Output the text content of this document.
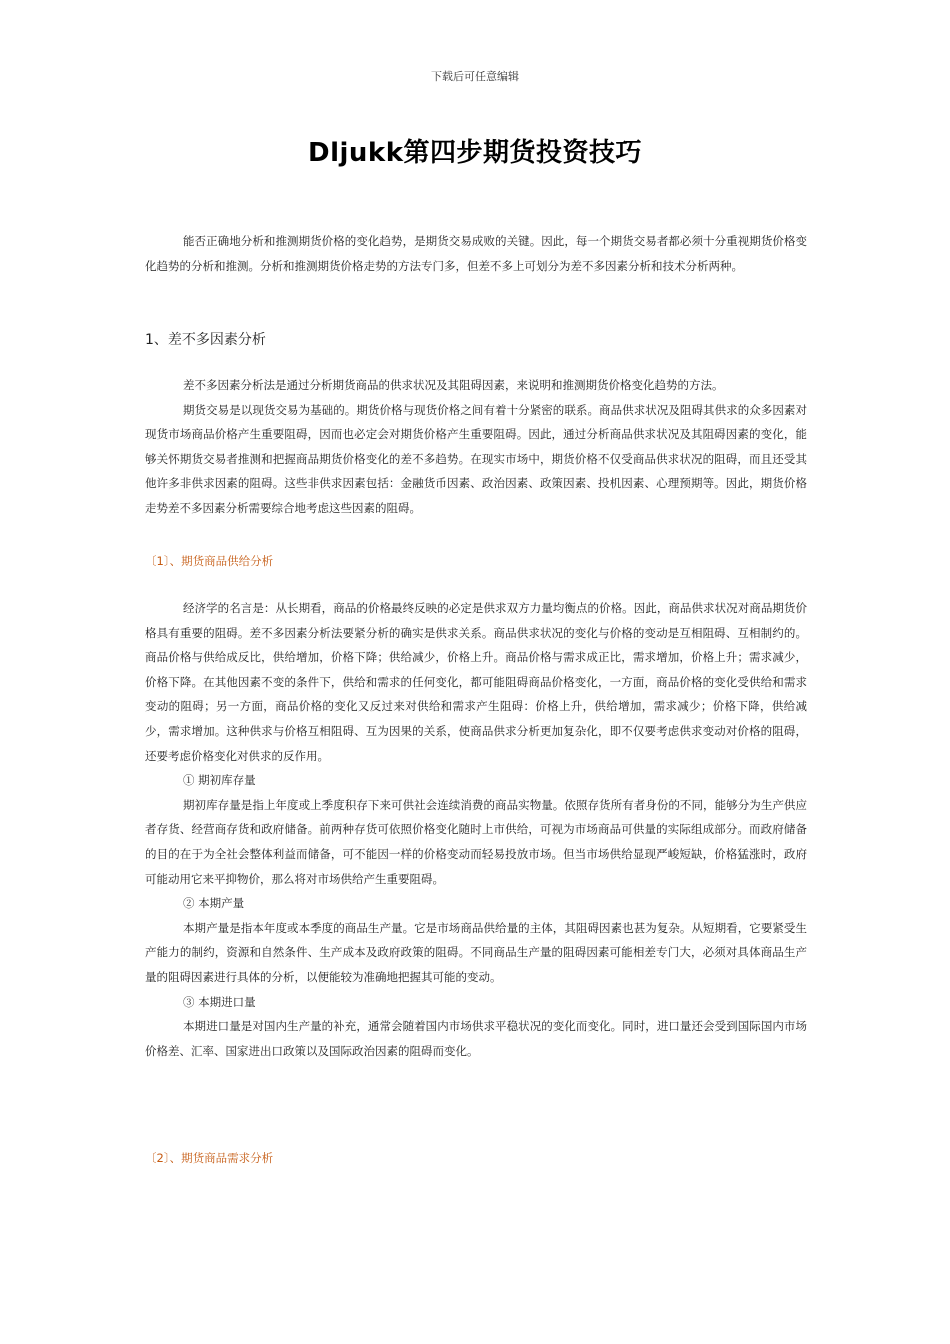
下载后可任意编辑
Dljukk第四步期货投资技巧

能否正确地分析和推测期货价格的变化趋势，是期货交易成败的关键。因此，每一个期货交易者都必须十分重视期货价格变化趋势的分析和推测。分析和推测期货价格走势的方法专门多，但差不多上可划分为差不多因素分析和技术分析两种。

1、差不多因素分析

差不多因素分析法是通过分析期货商品的供求状况及其阻碍因素，来说明和推测期货价格变化趋势的方法。

期货交易是以现货交易为基础的。期货价格与现货价格之间有着十分紧密的联系。商品供求状况及阻碍其供求的众多因素对现货市场商品价格产生重要阻碍，因而也必定会对期货价格产生重要阻碍。因此，通过分析商品供求状况及其阻碍因素的变化，能够关怀期货交易者推测和把握商品期货价格变化的差不多趋势。在现实市场中，期货价格不仅受商品供求状况的阻碍，而且还受其他许多非供求因素的阻碍。这些非供求因素包括：金融货币因素、政治因素、政策因素、投机因素、心理预期等。因此，期货价格走势差不多因素分析需要综合地考虑这些因素的阻碍。

〔1〕、期货商品供给分析

经济学的名言是：从长期看，商品的价格最终反映的必定是供求双方力量均衡点的价格。因此，商品供求状况对商品期货价格具有重要的阻碍。差不多因素分析法要紧分析的确实是供求关系。商品供求状况的变化与价格的变动是互相阻碍、互相制约的。商品价格与供给成反比，供给增加，价格下降；供给减少，价格上升。商品价格与需求成正比，需求增加，价格上升；需求减少，价格下降。在其他因素不变的条件下，供给和需求的任何变化，都可能阻碍商品价格变化，一方面，商品价格的变化受供给和需求变动的阻碍；另一方面，商品价格的变化又反过来对供给和需求产生阻碍：价格上升，供给增加，需求减少；价格下降，供给减少，需求增加。这种供求与价格互相阻碍、互为因果的关系，使商品供求分析更加复杂化，即不仅要考虑供求变动对价格的阻碍，还要考虑价格变化对供求的反作用。

① 期初库存量

期初库存量是指上年度或上季度积存下来可供社会连续消费的商品实物量。依照存货所有者身份的不同，能够分为生产供应者存货、经营商存货和政府储备。前两种存货可依照价格变化随时上市供给，可视为市场商品可供量的实际组成部分。而政府储备的目的在于为全社会整体利益而储备，可不能因一样的价格变动而轻易投放市场。但当市场供给显现严峻短缺，价格猛涨时，政府可能动用它来平抑物价，那么将对市场供给产生重要阻碍。

② 本期产量

本期产量是指本年度或本季度的商品生产量。它是市场商品供给量的主体，其阻碍因素也甚为复杂。从短期看，它要紧受生产能力的制约，资源和自然条件、生产成本及政府政策的阻碍。不同商品生产量的阻碍因素可能相差专门大，必须对具体商品生产量的阻碍因素进行具体的分析，以便能较为准确地把握其可能的变动。

③ 本期进口量

本期进口量是对国内生产量的补充，通常会随着国内市场供求平稳状况的变化而变化。同时，进口量还会受到国际国内市场价格差、汇率、国家进出口政策以及国际政治因素的阻碍而变化。

〔2〕、期货商品需求分析
